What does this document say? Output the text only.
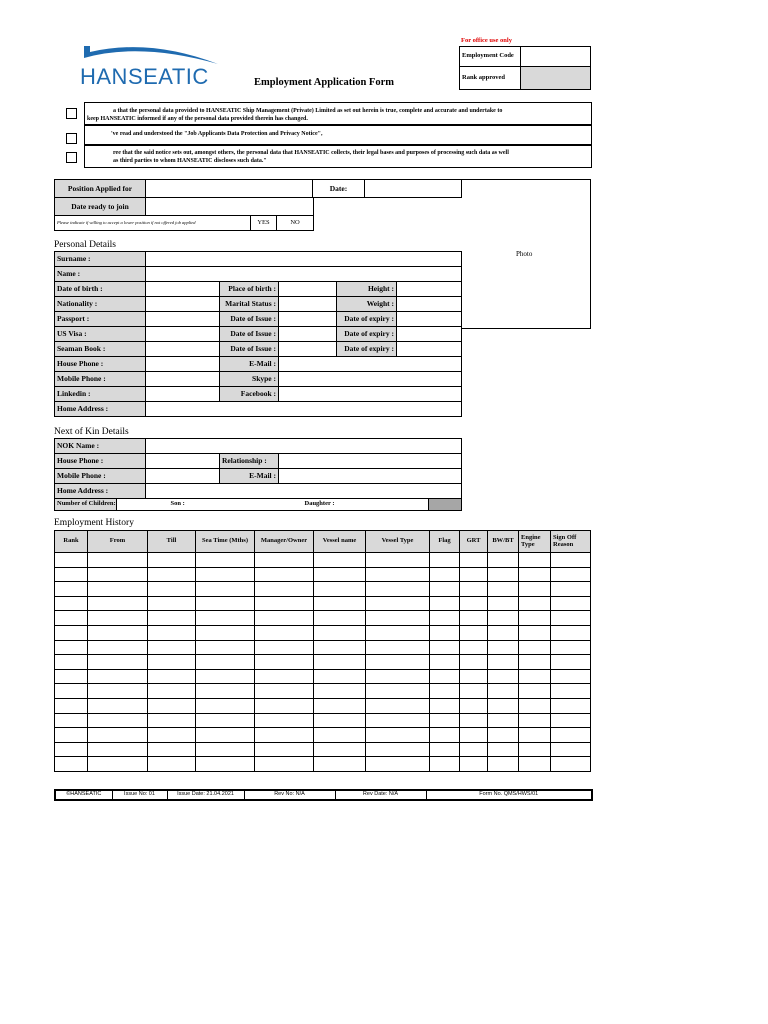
HANSEATIC	Employment Application Form
For office use only
Employment Code	
Rank approved	
a that the personal data provided to HANSEATIC Ship Management (Private) Limited as set out herein is true, complete and accurate and undertake to
keep HANSEATIC informed if any of the personal data provided therein has changed.
've read and understood the "Job Applicants Data Protection and Privacy Notice",
ree that the said notice sets out, amongst others, the personal data that HANSEATIC collects, their legal bases and purposes of processing such data as well
as third parties to whom HANSEATIC discloses such data."
Photo
Position Applied for		Date:	
Date ready to join			
Please indicate if willing to accept a lower position if not offered job applied		YES	NO
Personal Details
Surname :					
Name :					
Date of birth :		Place of birth :		Height :	
Nationality :		Marital Status :		Weight :	
Passport :		Date of Issue :		Date of expiry :	
US Visa :		Date of Issue :		Date of expiry :	
Seaman Book :		Date of Issue :		Date of expiry :	
House Phone :		E-Mail :			
Mobile Phone :		Skype :			
Linkedin :		Facebook :			
Home Address :					
Next of Kin Details
NOK Name :			
House Phone :		Relationship :	
Mobile Phone :		E-Mail :	
Home Address :			
Number of Children:		Son :		Daughter :		
Employment History
Rank	From	Till	Sea Time (Mths)	Manager/Owner	Vessel name	Vessel Type	Flag	GRT	BW/BT	Engine Type	Sign Off Reason

©HANSEATIC	Issue No: 01	Issue Date: 21.04.2021	Rev No: N/A	Rev Date: N/A	Form No. QMS/HWS/01
